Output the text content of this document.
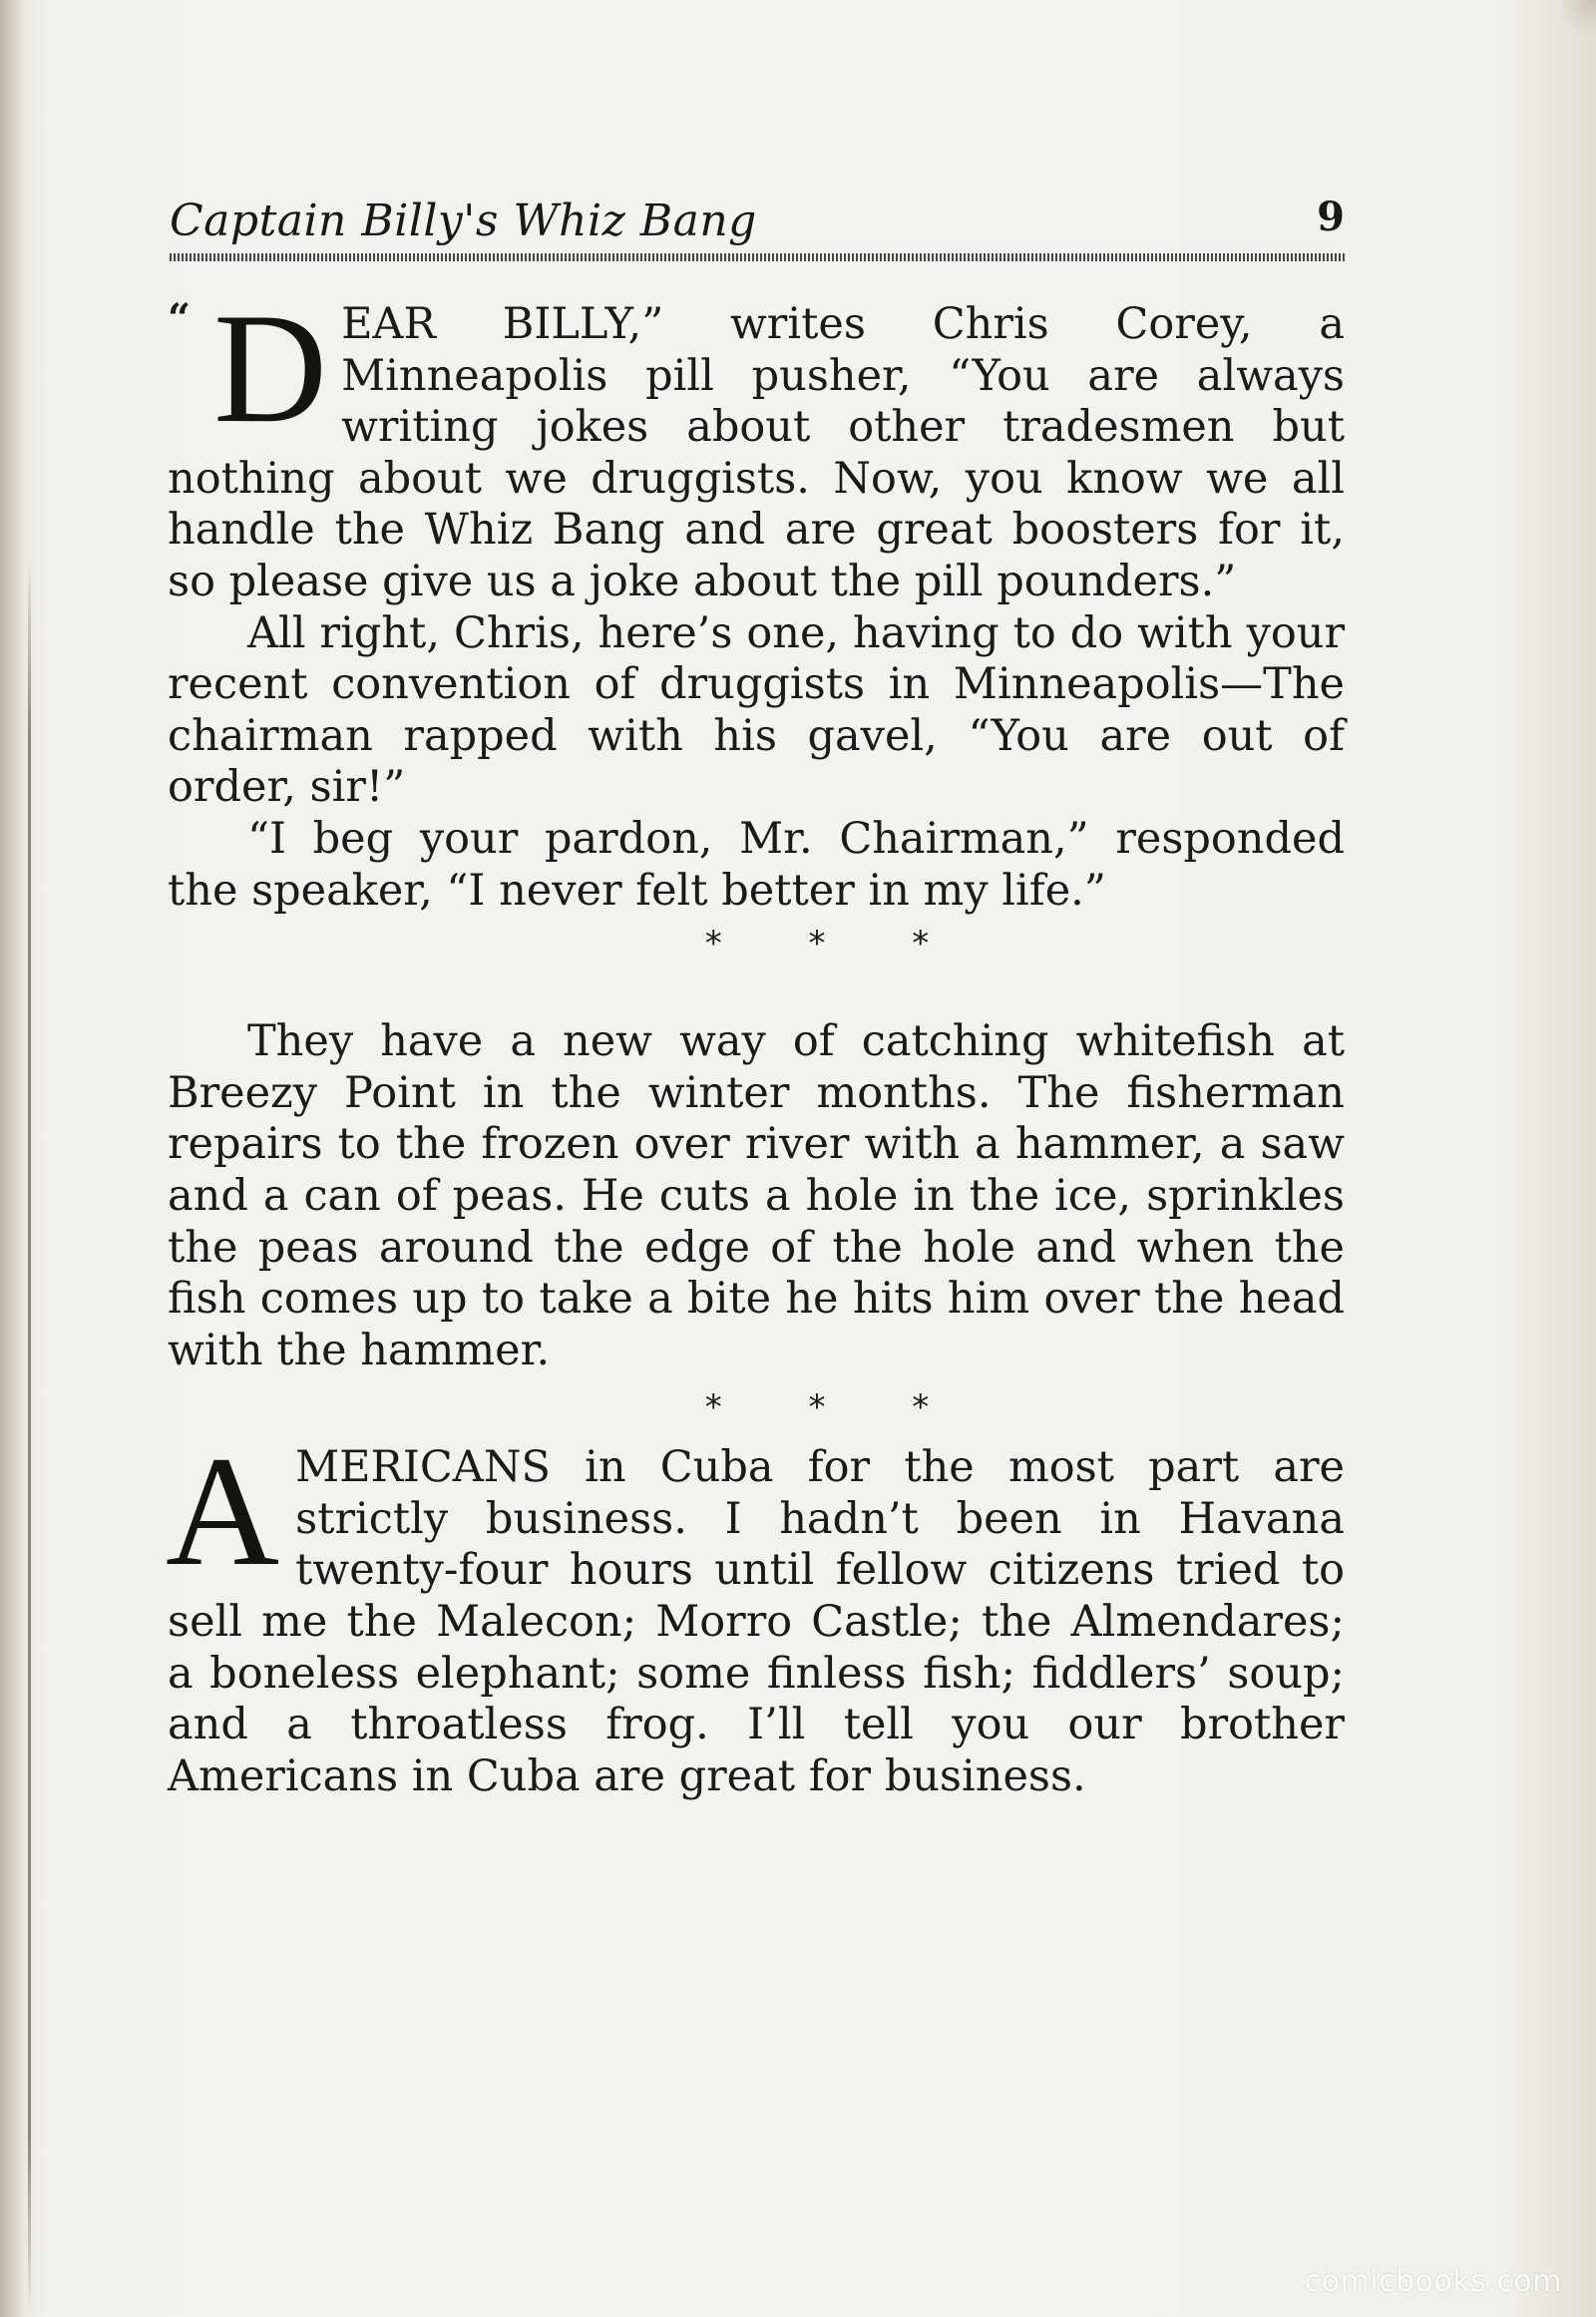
Captain Billy's Whiz Bang	9
“ DEAR BILLY,” writes Chris Corey, a Minneapolis pill pusher, “You are always writing jokes about other tradesmen but nothing about we druggists. Now, you know we all handle the Whiz Bang and are great boosters for it, so please give us a joke about the pill pounders.”

All right, Chris, here’s one, having to do with your recent convention of druggists in Minneapolis—The chairman rapped with his gavel, “You are out of order, sir!”

“I beg your pardon, Mr. Chairman,” responded the speaker, “I never felt better in my life.”

* * *

They have a new way of catching whitefish at Breezy Point in the winter months. The fisherman repairs to the frozen over river with a hammer, a saw and a can of peas. He cuts a hole in the ice, sprinkles the peas around the edge of the hole and when the fish comes up to take a bite he hits him over the head with the hammer.

* * *

AMERICANS in Cuba for the most part are strictly business. I hadn’t been in Havana twenty-four hours until fellow citizens tried to sell me the Malecon; Morro Castle; the Almendares; a boneless elephant; some finless fish; fiddlers’ soup; and a throatless frog. I’ll tell you our brother Americans in Cuba are great for business.

comicbooks.com
